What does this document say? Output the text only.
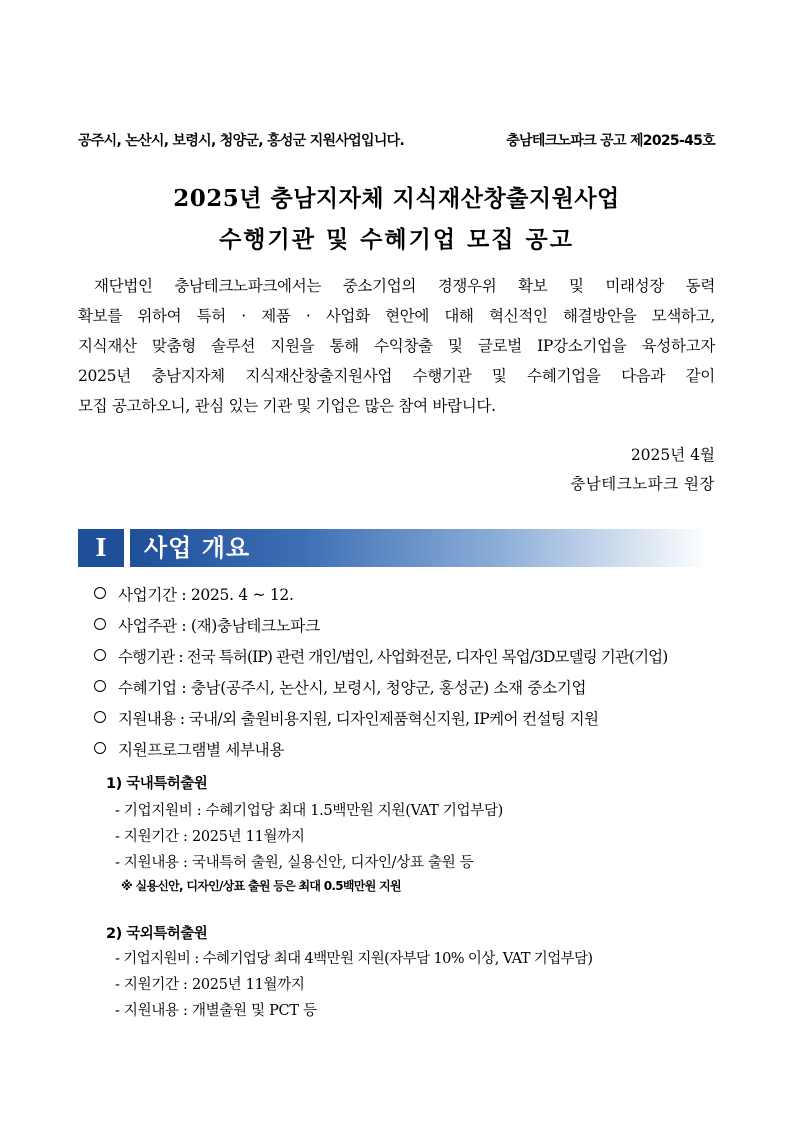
공주시, 논산시, 보령시, 청양군, 홍성군 지원사업입니다.	충남테크노파크 공고 제2025-45호
2025년 충남지자체 지식재산창출지원사업
수행기관 및 수혜기업 모집 공고
재단법인 충남테크노파크에서는 중소기업의 경쟁우위 확보 및 미래성장 동력
확보를 위하여 특허 · 제품 · 사업화 현안에 대해 혁신적인 해결방안을 모색하고,
지식재산 맞춤형 솔루션 지원을 통해 수익창출 및 글로벌 IP강소기업을 육성하고자
2025년 충남지자체 지식재산창출지원사업 수행기관 및 수혜기업을 다음과 같이
모집 공고하오니, 관심 있는 기관 및 기업은 많은 참여 바랍니다.
2025년 4월
충남테크노파크 원장
Ⅰ	사업 개요
사업기간 : 2025. 4 ~ 12.
사업주관 : (재)충남테크노파크
수행기관 : 전국 특허(IP) 관련 개인/법인, 사업화전문, 디자인 목업/3D모델링 기관(기업)
수혜기업 : 충남(공주시, 논산시, 보령시, 청양군, 홍성군) 소재 중소기업
지원내용 : 국내/외 출원비용지원, 디자인제품혁신지원, IP케어 컨설팅 지원
지원프로그램별 세부내용
1) 국내특허출원
- 기업지원비 : 수혜기업당 최대 1.5백만원 지원(VAT 기업부담)
- 지원기간 : 2025년 11월까지
- 지원내용 : 국내특허 출원, 실용신안, 디자인/상표 출원 등
※ 실용신안, 디자인/상표 출원 등은 최대 0.5백만원 지원
2) 국외특허출원
- 기업지원비 : 수혜기업당 최대 4백만원 지원(자부담 10% 이상, VAT 기업부담)
- 지원기간 : 2025년 11월까지
- 지원내용 : 개별출원 및 PCT 등
